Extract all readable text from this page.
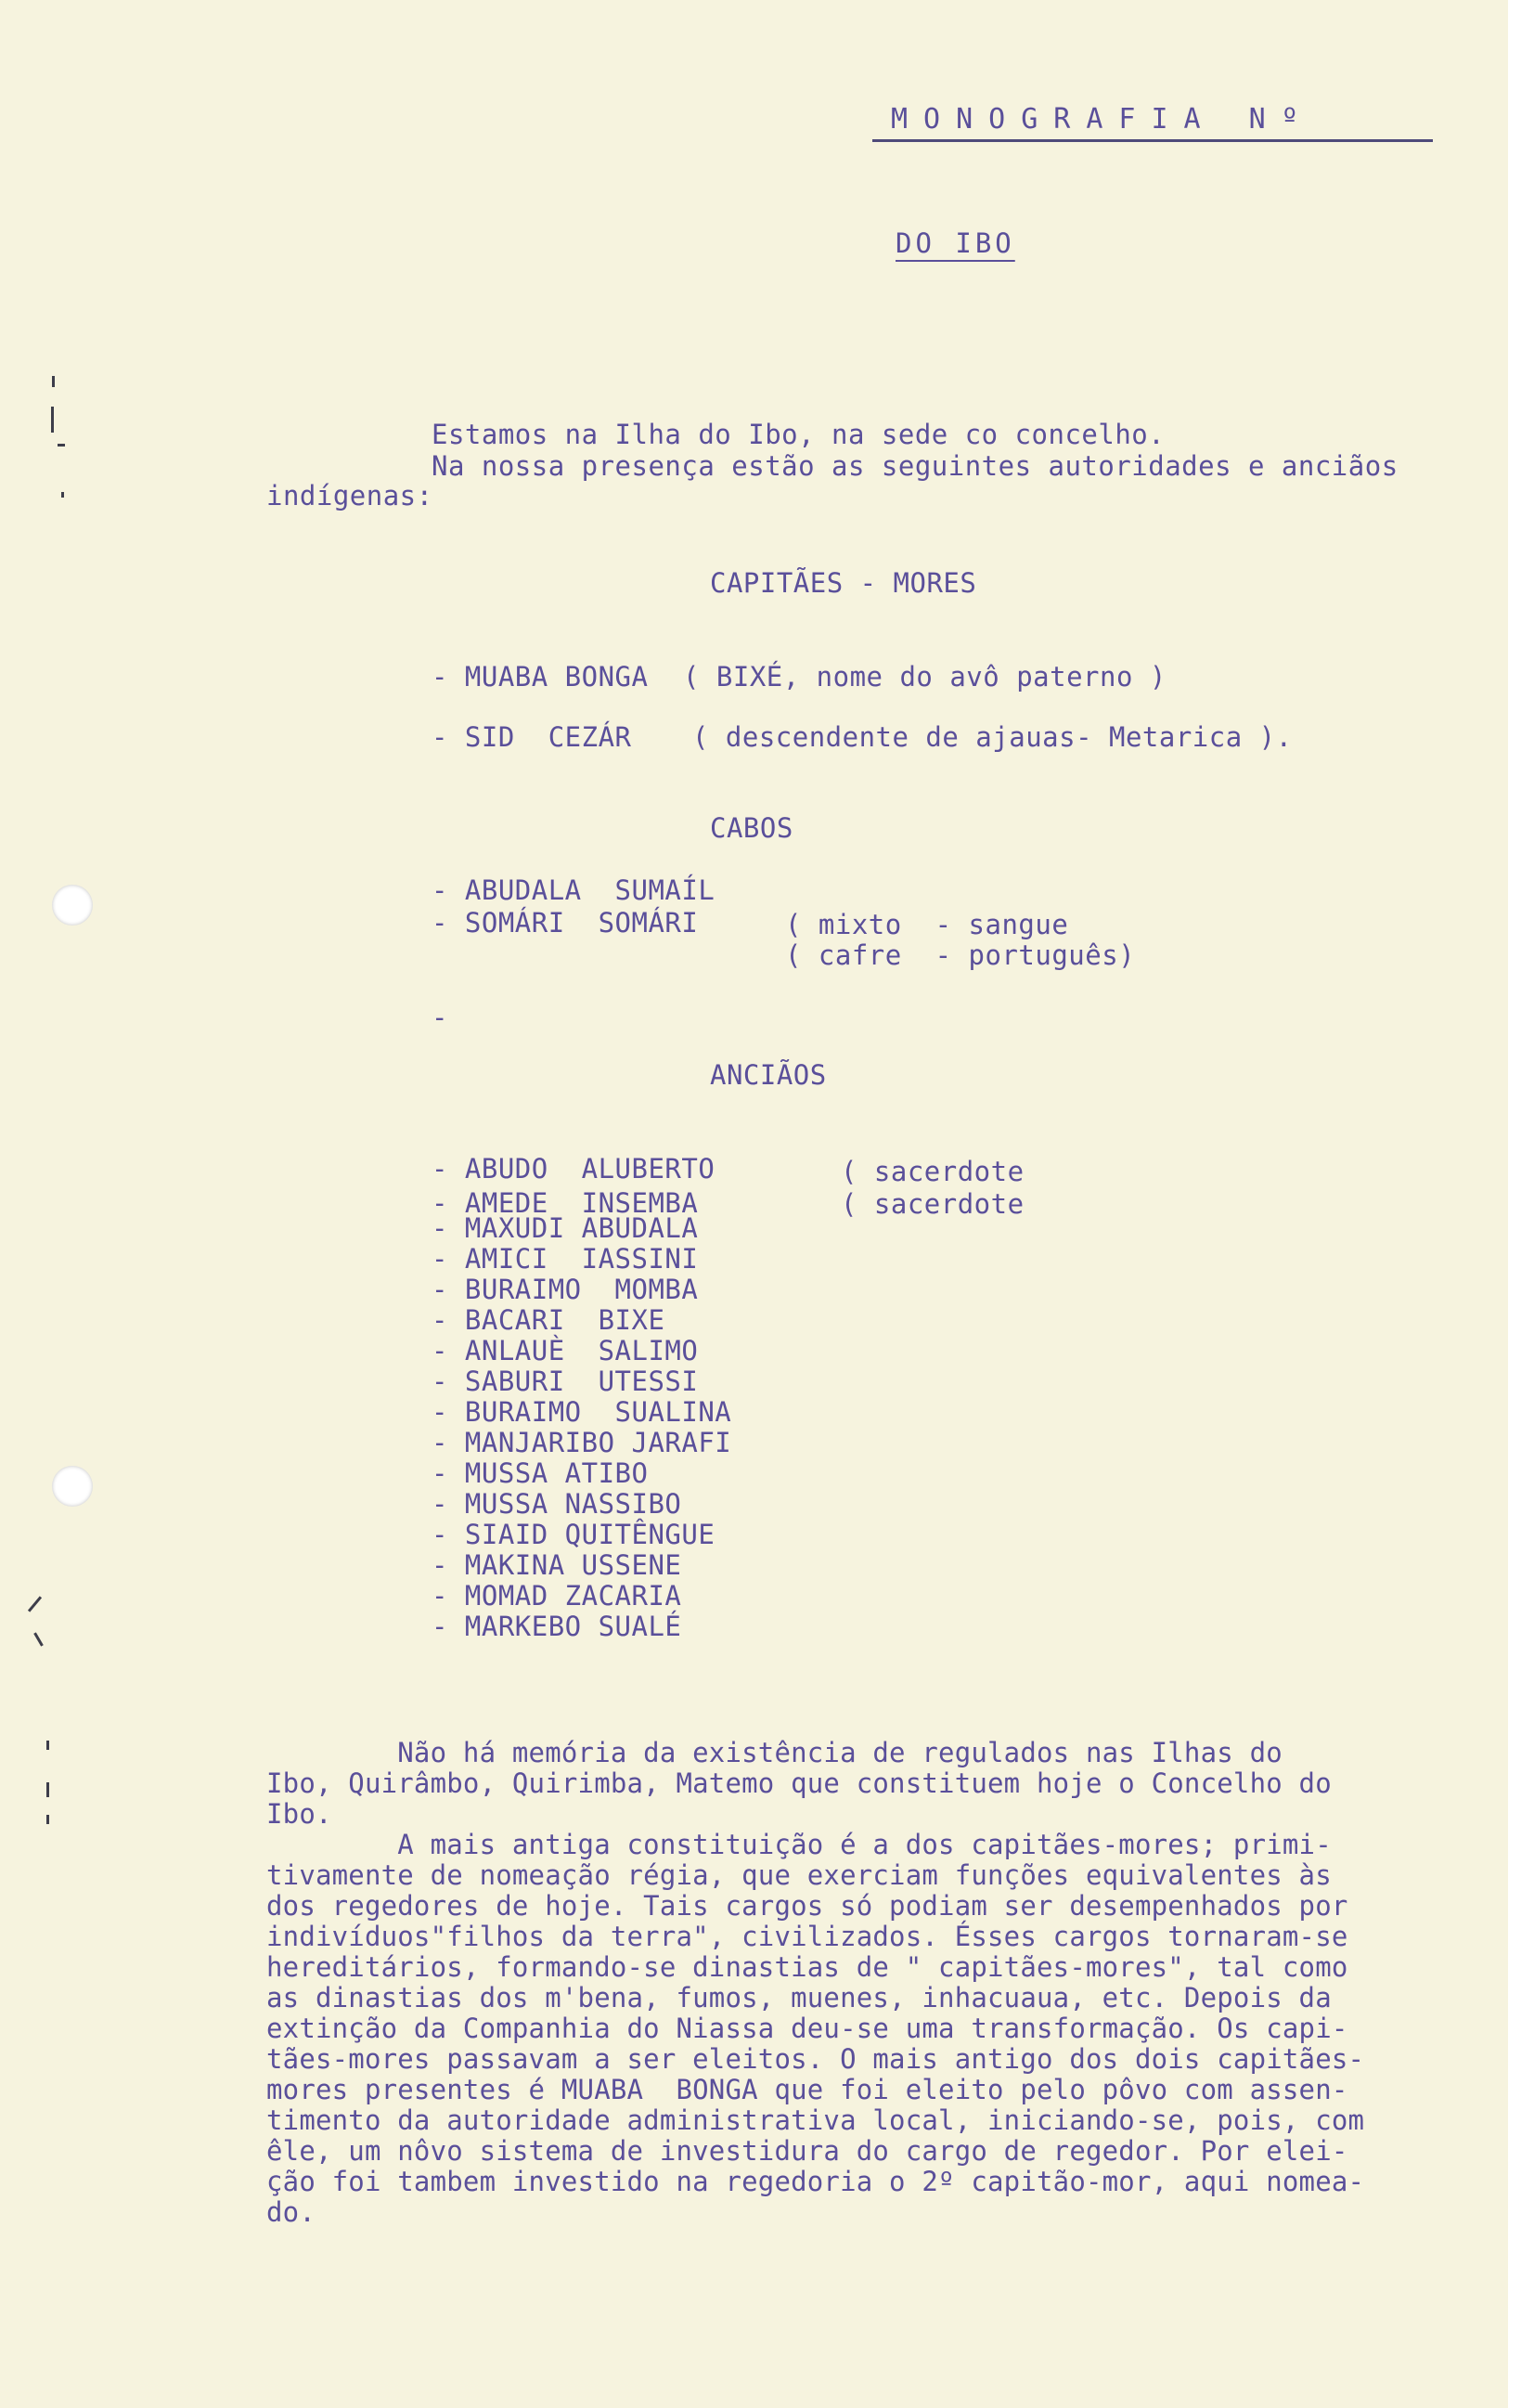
MONOGRAFIA Nº
DO IBO
Estamos na Ilha do Ibo, na sede co concelho.
Na nossa presença estão as seguintes autoridades e anciãos
indígenas:
CAPITÃES - MORES
- MUABA BONGA ( BIXÉ, nome do avô paterno )
- SID  CEZÁR ( descendente de ajauas- Metarica ).
CABOS
- ABUDALA  SUMAÍL
- SOMÁRI  SOMÁRI	( mixto  - sangue
( cafre  - português)
-
ANCIÃOS
( sacerdote
( sacerdote
- ABUDO  ALUBERTO
- AMEDE  INSEMBA
- MAXUDI ABUDALA
- AMICI  IASSINI
- BURAIMO  MOMBA
- BACARI  BIXE
- ANLAUÈ  SALIMO
- SABURI  UTESSI
- BURAIMO  SUALINA
- MANJARIBO JARAFI
- MUSSA ATIBO
- MUSSA NASSIBO
- SIAID QUITÊNGUE
- MAKINA USSENE
- MOMAD ZACARIA
- MARKEBO SUALÉ
Não há memória da existência de regulados nas Ilhas do
Ibo, Quirâmbo, Quirimba, Matemo que constituem hoje o Concelho do
Ibo.
A mais antiga constituição é a dos capitães-mores; primi-
tivamente de nomeação régia, que exerciam funções equivalentes às
dos regedores de hoje. Tais cargos só podiam ser desempenhados por
indivíduos"filhos da terra", civilizados. Ésses cargos tornaram-se
hereditários, formando-se dinastias de " capitães-mores", tal como
as dinastias dos m'bena, fumos, muenes, inhacuaua, etc. Depois da
extinção da Companhia do Niassa deu-se uma transformação. Os capi-
tães-mores passavam a ser eleitos. O mais antigo dos dois capitães-
mores presentes é MUABA  BONGA que foi eleito pelo pôvo com assen-
timento da autoridade administrativa local, iniciando-se, pois, com
êle, um nôvo sistema de investidura do cargo de regedor. Por elei-
ção foi tambem investido na regedoria o 2º capitão-mor, aqui nomea-
do.
